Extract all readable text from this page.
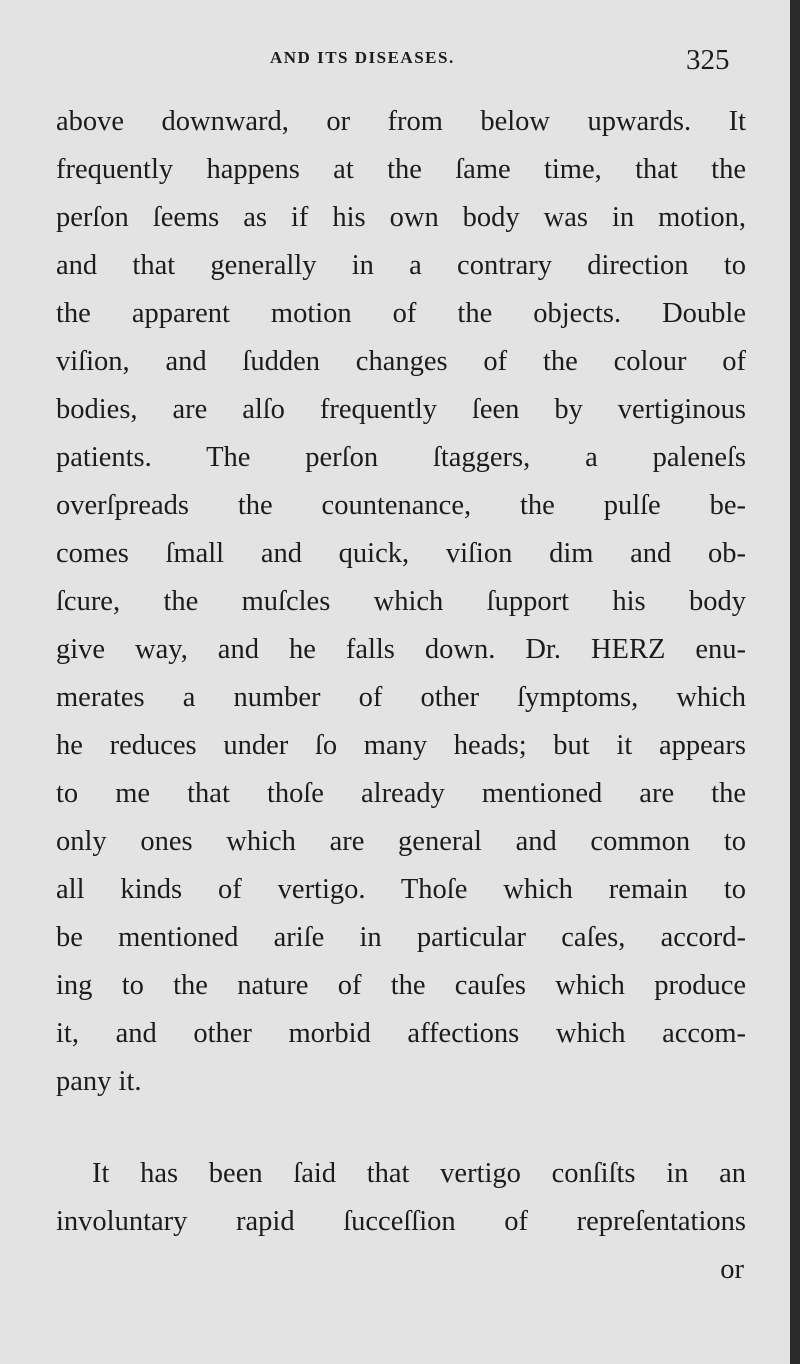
AND ITS DISEASES.	325
above downward, or from below upwards. It
frequently happens at the ſame time, that the
perſon ſeems as if his own body was in motion,
and that generally in a contrary direction to
the apparent motion of the objects. Double
viſion, and ſudden changes of the colour of
bodies, are alſo frequently ſeen by vertiginous
patients. The perſon ſtaggers, a paleneſs
overſpreads the countenance, the pulſe be-
comes ſmall and quick, viſion dim and ob-
ſcure, the muſcles which ſupport his body
give way, and he falls down. Dr. HERZ enu-
merates a number of other ſymptoms, which
he reduces under ſo many heads; but it appears
to me that thoſe already mentioned are the
only ones which are general and common to
all kinds of vertigo. Thoſe which remain to
be mentioned ariſe in particular caſes, accord-
ing to the nature of the cauſes which produce
it, and other morbid affections which accom-
pany it.
It has been ſaid that vertigo conſiſts in an
involuntary rapid ſucceſſion of repreſentations
or
